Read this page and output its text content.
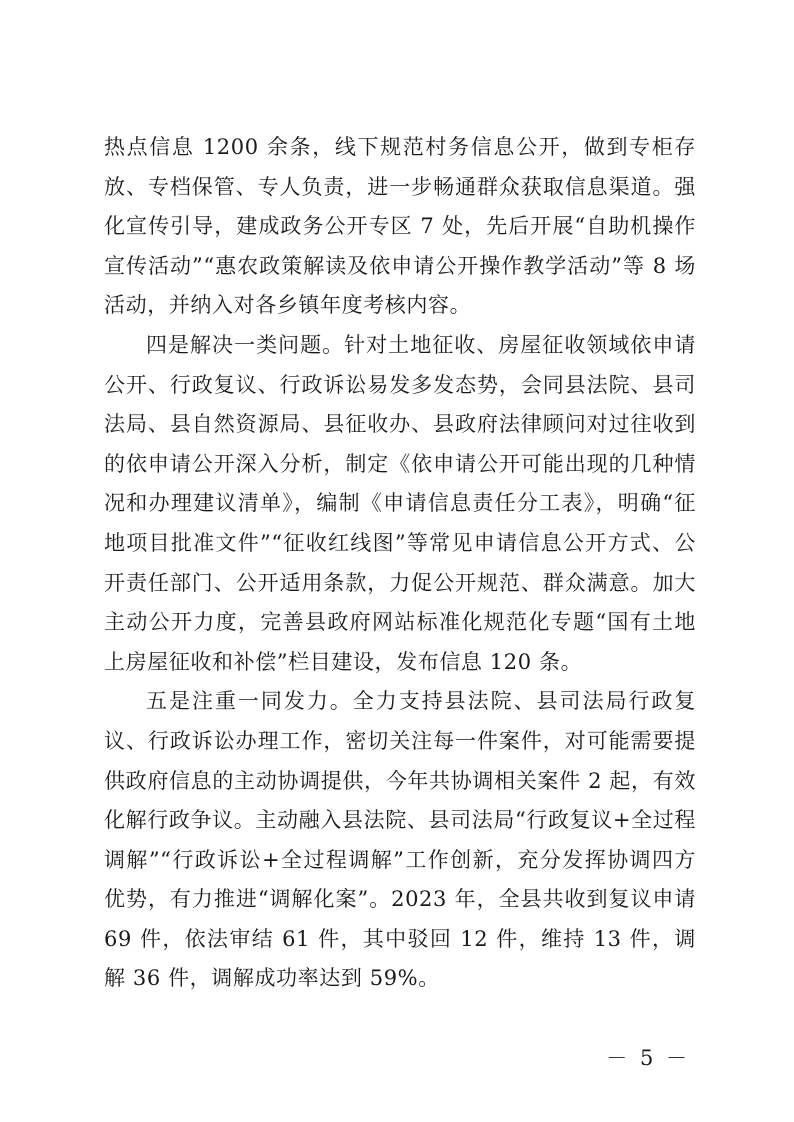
热点信息 1200 余条，线下规范村务信息公开，做到专柜存放、专档保管、专人负责，进一步畅通群众获取信息渠道。强化宣传引导，建成政务公开专区 7 处，先后开展“自助机操作宣传活动”“惠农政策解读及依申请公开操作教学活动”等 8 场活动，并纳入对各乡镇年度考核内容。

四是解决一类问题。针对土地征收、房屋征收领域依申请公开、行政复议、行政诉讼易发多发态势，会同县法院、县司法局、县自然资源局、县征收办、县政府法律顾问对过往收到的依申请公开深入分析，制定《依申请公开可能出现的几种情况和办理建议清单》，编制《申请信息责任分工表》，明确“征地项目批准文件”“征收红线图”等常见申请信息公开方式、公开责任部门、公开适用条款，力促公开规范、群众满意。加大主动公开力度，完善县政府网站标准化规范化专题“国有土地上房屋征收和补偿”栏目建设，发布信息 120 条。

五是注重一同发力。全力支持县法院、县司法局行政复议、行政诉讼办理工作，密切关注每一件案件，对可能需要提供政府信息的主动协调提供，今年共协调相关案件 2 起，有效化解行政争议。主动融入县法院、县司法局“行政复议+全过程调解”“行政诉讼+全过程调解”工作创新，充分发挥协调四方优势，有力推进“调解化案”。2023 年，全县共收到复议申请 69 件，依法审结 61 件，其中驳回 12 件，维持 13 件，调解 36 件，调解成功率达到 59%。

－ 5 －
